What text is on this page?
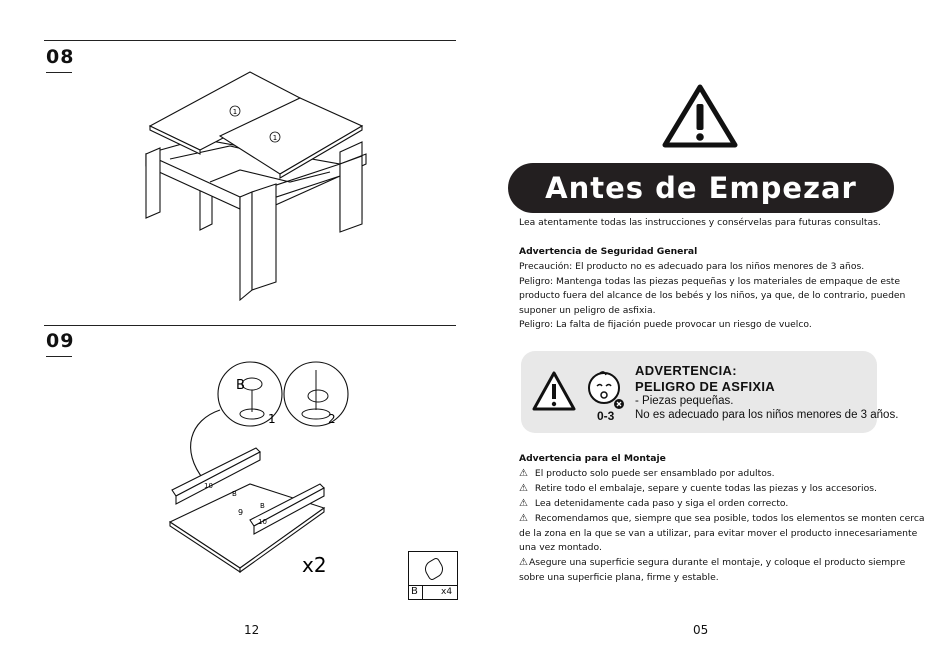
08
1
1
09
B
1	2
10
10
9
B
B
x2
B	x4
12
Antes de Empezar
Lea atentamente todas las instrucciones y consérvelas para futuras consultas.
Advertencia de Seguridad General
Precaución: El producto no es adecuado para los niños menores de 3 años.
Peligro: Mantenga todas las piezas pequeñas y los materiales de empaque de este
producto fuera del alcance de los bebés y los niños, ya que, de lo contrario, pueden
suponer un peligro de asfixia.
Peligro: La falta de fijación puede provocar un riesgo de vuelco.
0-3
ADVERTENCIA:
PELIGRO DE ASFIXIA
- Piezas pequeñas.
No es adecuado para los niños menores de 3 años.
Advertencia para el Montaje
⚠ El producto solo puede ser ensamblado por adultos.
⚠ Retire todo el embalaje, separe y cuente todas las piezas y los accesorios.
⚠ Lea detenidamente cada paso y siga el orden correcto.
⚠ Recomendamos que, siempre que sea posible, todos los elementos se monten cerca
de la zona en la que se van a utilizar, para evitar mover el producto innecesariamente
una vez montado.
⚠Asegure una superficie segura durante el montaje, y coloque el producto siempre
sobre una superficie plana, firme y estable.
05
